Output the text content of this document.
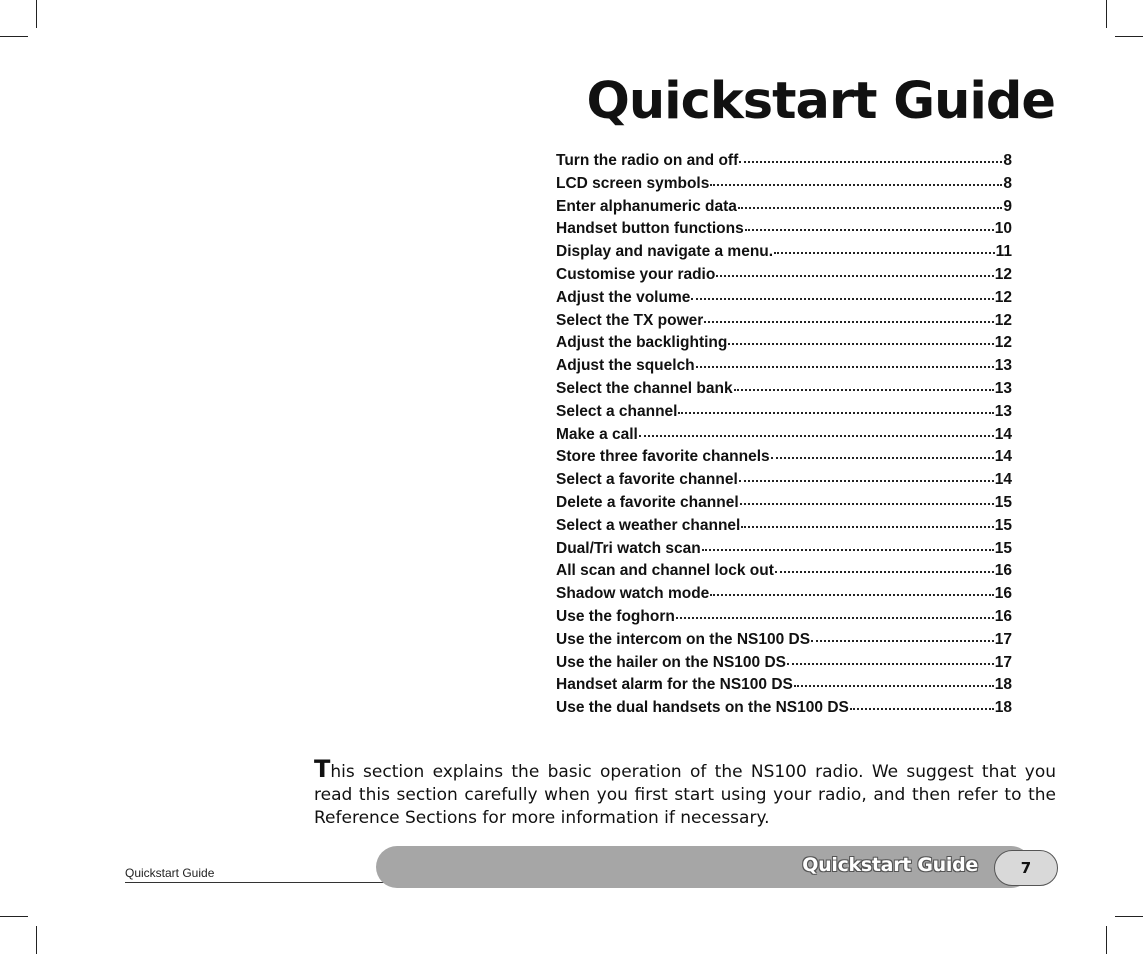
Quickstart Guide
Turn the radio on and off	8
LCD screen symbols	8
Enter alphanumeric data	9
Handset button functions	10
Display and navigate a menu.	11
Customise your radio	12
Adjust the volume	12
Select the TX power	12
Adjust the backlighting	12
Adjust the squelch	13
Select the channel bank	13
Select a channel	13
Make a call	14
Store three favorite channels	14
Select a favorite channel	14
Delete a favorite channel	15
Select a weather channel	15
Dual/Tri watch scan	15
All scan and channel lock out	16
Shadow watch mode	16
Use the foghorn	16
Use the intercom on the NS100 DS	17
Use the hailer on the NS100 DS	17
Handset alarm for the NS100 DS	18
Use the dual handsets on the NS100 DS	18

This section explains the basic operation of the NS100 radio. We suggest that you read this section carefully when you first start using your radio, and then refer to the Reference Sections for more information if necessary.

Quickstart Guide	Quickstart Guide	7
